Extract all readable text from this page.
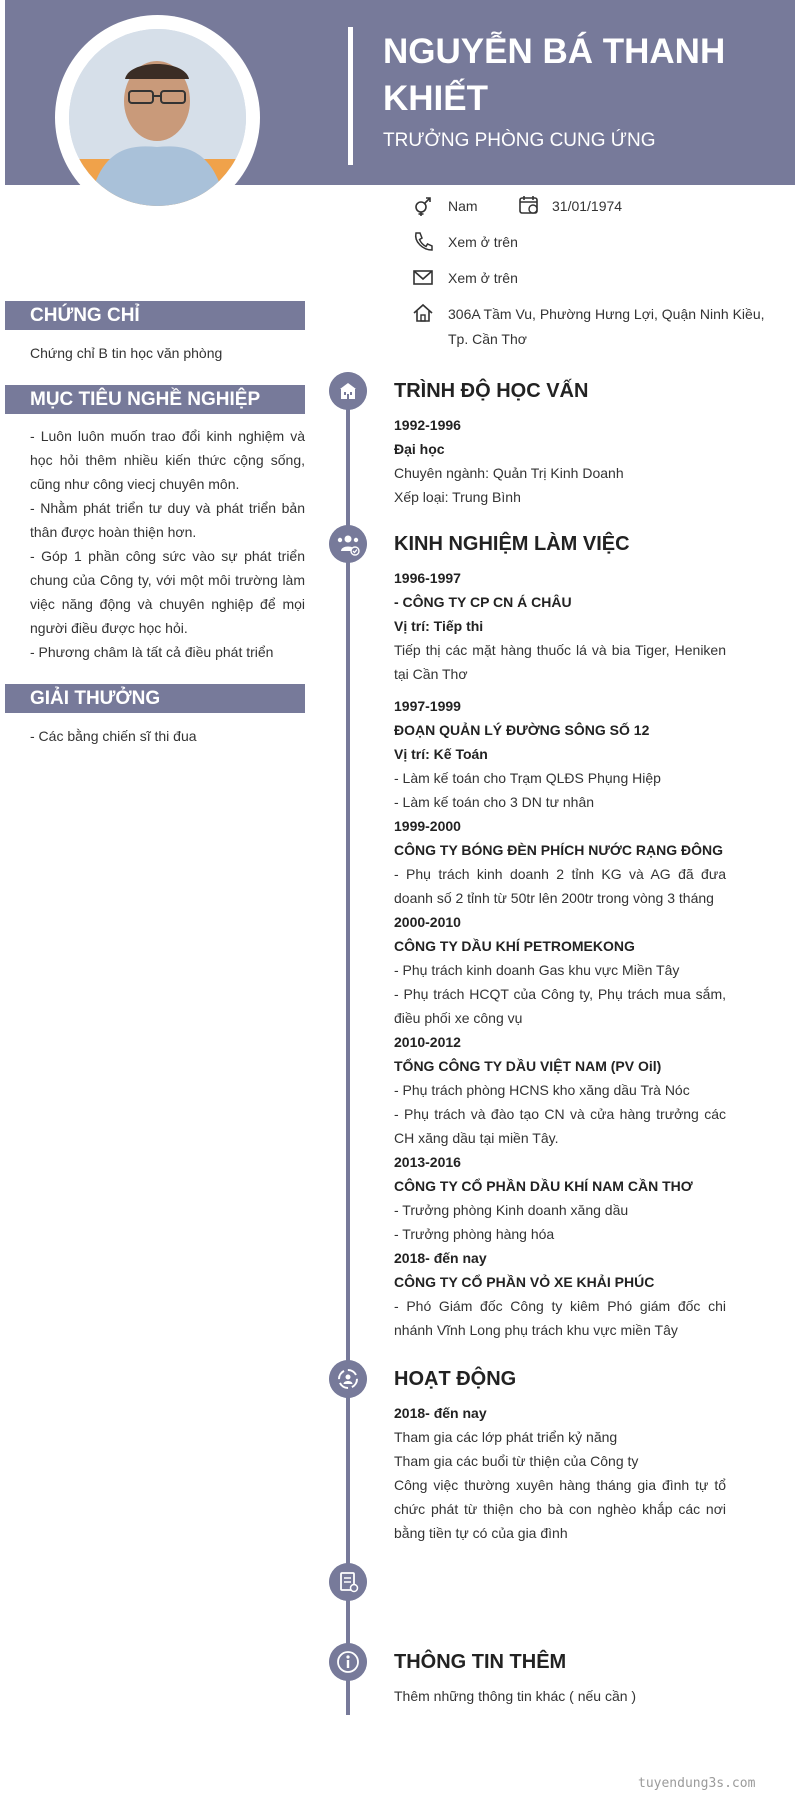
NGUYỄN BÁ THANH KHIẾT
TRƯỞNG PHÒNG CUNG ỨNG
Nam	31/01/1974
Xem ở trên
Xem ở trên
306A Tầm Vu, Phường Hưng Lợi, Quận Ninh Kiều, Tp. Cần Thơ
CHỨNG CHỈ
Chứng chỉ B tin học văn phòng
MỤC TIÊU NGHỀ NGHIỆP
- Luôn luôn muốn trao đổi kinh nghiệm và học hỏi thêm nhiều kiến thức cộng sống, cũng như công viecj chuyên môn.
- Nhằm phát triển tư duy và phát triển bản thân được hoàn thiện hơn.
- Góp 1 phần công sức vào sự phát triển chung của Công ty, với một môi trường làm việc năng động và chuyên nghiệp để mọi người điều được học hỏi.
- Phương châm là tất cả điều phát triển
GIẢI THƯỞNG
- Các bằng chiến sĩ thi đua
TRÌNH ĐỘ HỌC VẤN
1992-1996
Đại học
Chuyên ngành: Quản Trị Kinh Doanh
Xếp loại: Trung Bình
KINH NGHIỆM LÀM VIỆC
1996-1997
- CÔNG TY CP CN Á CHÂU
Vị trí: Tiếp thi
Tiếp thị các mặt hàng thuốc lá và bia Tiger, Heniken tại Cần Thơ
1997-1999
ĐOẠN QUẢN LÝ ĐƯỜNG SÔNG SỐ 12
Vị trí: Kế Toán
- Làm kế toán cho Trạm QLĐS Phụng Hiệp
- Làm kế toán cho 3 DN tư nhân
1999-2000
CÔNG TY BÓNG ĐÈN PHÍCH NƯỚC RẠNG ĐÔNG
- Phụ trách kinh doanh 2 tỉnh KG và AG đã đưa doanh số 2 tỉnh từ 50tr lên 200tr trong vòng 3 tháng
2000-2010
CÔNG TY DẦU KHÍ PETROMEKONG
- Phụ trách kinh doanh Gas khu vực Miền Tây
- Phụ trách HCQT của Công ty, Phụ trách mua sắm, điều phối xe công vụ
2010-2012
TỔNG CÔNG TY DẦU VIỆT NAM (PV Oil)
- Phụ trách phòng HCNS kho xăng dầu Trà Nóc
- Phụ trách và đào tạo CN và cửa hàng trưởng các CH xăng dầu tại miền Tây.
2013-2016
CÔNG TY CỔ PHẦN DẦU KHÍ NAM CẦN THƠ
- Trưởng phòng Kinh doanh xăng dầu
- Trưởng phòng hàng hóa
2018- đến nay
CÔNG TY CỔ PHẦN VỎ XE KHẢI PHÚC
- Phó Giám đốc Công ty kiêm Phó giám đốc chi nhánh Vĩnh Long phụ trách khu vực miền Tây
HOẠT ĐỘNG
2018- đến nay
Tham gia các lớp phát triển kỷ năng
Tham gia các buổi từ thiện của Công ty
Công việc thường xuyên hàng tháng gia đình tự tổ chức phát từ thiện cho bà con nghèo khắp các nơi bằng tiền tự có của gia đình
THÔNG TIN THÊM
Thêm những thông tin khác ( nếu cần )
tuyendung3s.com
